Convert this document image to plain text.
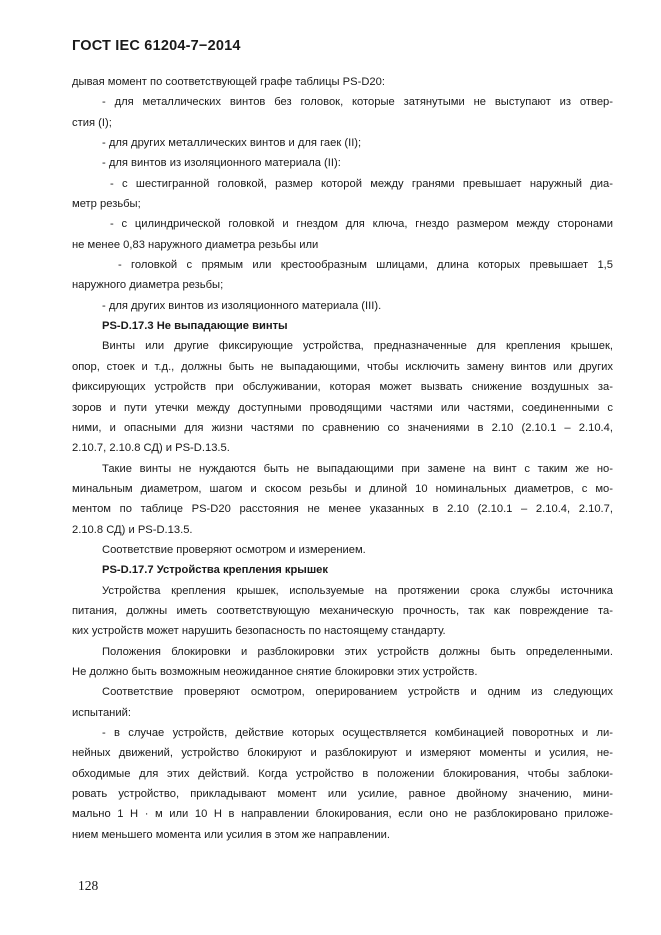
ГОСТ IEC 61204-7−2014
дывая момент по соответствующей графе таблицы PS-D20:
- для металлических винтов без головок, которые затянутыми не выступают из отвер-
стия (I);
- для других металлических винтов и для гаек (II);
- для винтов из изоляционного материала (II):
- с шестигранной головкой, размер которой между гранями превышает наружный диа-
метр резьбы;
- с цилиндрической головкой и гнездом для ключа, гнездо размером между сторонами
не менее 0,83 наружного диаметра резьбы или
- головкой с прямым или крестообразным шлицами, длина которых превышает 1,5
наружного диаметра резьбы;
- для других винтов из изоляционного материала (III).
PS-D.17.3 Не выпадающие винты
Винты или другие фиксирующие устройства, предназначенные для крепления крышек,
опор, стоек и т.д., должны быть не выпадающими, чтобы исключить замену винтов или других
фиксирующих устройств при обслуживании, которая может вызвать снижение воздушных за-
зоров и пути утечки между доступными проводящими частями или частями, соединенными с
ними, и опасными для жизни частями по сравнению со значениями в 2.10 (2.10.1 – 2.10.4,
2.10.7, 2.10.8 СД) и PS-D.13.5.
Такие винты не нуждаются быть не выпадающими при замене на винт с таким же но-
минальным диаметром, шагом и скосом резьбы и длиной 10 номинальных диаметров, с мо-
ментом по таблице PS-D20 расстояния не менее указанных в 2.10 (2.10.1 – 2.10.4, 2.10.7,
2.10.8 СД) и PS-D.13.5.
Соответствие проверяют осмотром и измерением.
PS-D.17.7 Устройства крепления крышек
Устройства крепления крышек, используемые на протяжении срока службы источника
питания, должны иметь соответствующую механическую прочность, так как повреждение та-
ких устройств может нарушить безопасность по настоящему стандарту.
Положения блокировки и разблокировки этих устройств должны быть определенными.
Не должно быть возможным неожиданное снятие блокировки этих устройств.
Соответствие проверяют осмотром, оперированием устройств и одним из следующих
испытаний:
- в случае устройств, действие которых осуществляется комбинацией поворотных и ли-
нейных движений, устройство блокируют и разблокируют и измеряют моменты и усилия, не-
обходимые для этих действий. Когда устройство в положении блокирования, чтобы заблоки-
ровать устройство, прикладывают момент или усилие, равное двойному значению, мини-
мально 1 Н · м или 10 Н в направлении блокирования, если оно не разблокировано приложе-
нием меньшего момента или усилия в этом же направлении.
128
